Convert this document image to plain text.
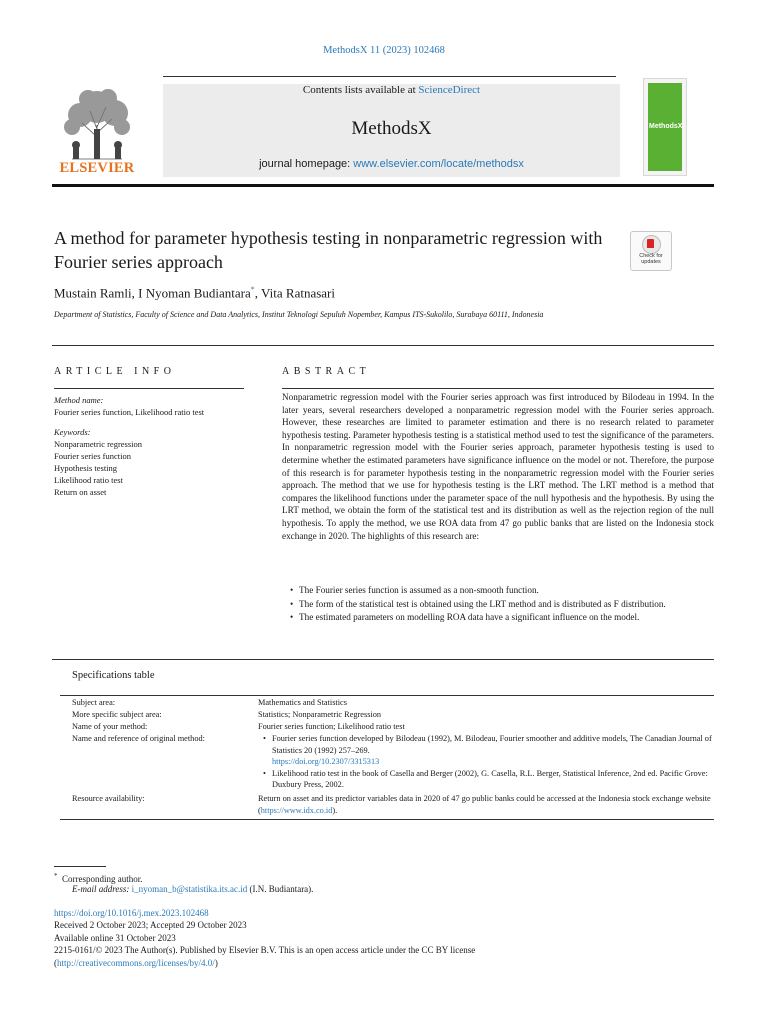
MethodsX 11 (2023) 102468
ELSEVIER
Contents lists available at ScienceDirect
MethodsX
journal homepage: www.elsevier.com/locate/methodsx
MethodsX
A method for parameter hypothesis testing in nonparametric regression with Fourier series approach	Check for
updates
Mustain Ramli, I Nyoman Budiantara*, Vita Ratnasari
Department of Statistics, Faculty of Science and Data Analytics, Institut Teknologi Sepuluh Nopember, Kampus ITS-Sukolilo, Surabaya 60111, Indonesia
ARTICLE INFO
Method name:
Fourier series function, Likelihood ratio test
Keywords:
Nonparametric regression
Fourier series function
Hypothesis testing
Likelihood ratio test
Return on asset
ABSTRACT
Nonparametric regression model with the Fourier series approach was first introduced by Bilodeau in 1994. In the later years, several researchers developed a nonparametric regression model with the Fourier series approach. However, these researches are limited to parameter estimation and there is no research related to parameter hypothesis testing. Parameter hypothesis testing is a statistical method used to test the significance of the parameters. In nonparametric regression model with the Fourier series approach, parameter hypothesis testing is used to determine whether the estimated parameters have significance influence on the model or not. Therefore, the purpose of this research is for parameter hypothesis testing in the nonparametric regression model with the Fourier series approach. The method that we use for hypothesis testing is the LRT method. The LRT method is a method that compares the likelihood functions under the parameter space of the null hypothesis and the hypothesis. By using the LRT method, we obtain the form of the statistical test and its distribution as well as the rejection region of the null hypothesis. To apply the method, we use ROA data from 47 go public banks that are listed on the Indonesia stock exchange in 2020. The highlights of this research are:
• The Fourier series function is assumed as a non-smooth function.
• The form of the statistical test is obtained using the LRT method and is distributed as F distribution.
• The estimated parameters on modelling ROA data have a significant influence on the model.
Specifications table
Subject area:	Mathematics and Statistics
More specific subject area:	Statistics; Nonparametric Regression
Name of your method:	Fourier series function; Likelihood ratio test
Name and reference of original method:
•	Fourier series function developed by Bilodeau (1992), M. Bilodeau, Fourier smoother and additive models, The Canadian Journal of Statistics 20 (1992) 257–269.
https://doi.org/10.2307/3315313
• Likelihood ratio test in the book of Casella and Berger (2002), G. Casella, R.L. Berger, Statistical Inference, 2nd ed. Pacific Grove: Duxbury Press, 2002.
Resource availability:	Return on asset and its predictor variables data in 2020 of 47 go public banks could be accessed at the Indonesia stock exchange website (https://www.idx.co.id).
* Corresponding author.
E-mail address: i_nyoman_b@statistika.its.ac.id (I.N. Budiantara).
https://doi.org/10.1016/j.mex.2023.102468
Received 2 October 2023; Accepted 29 October 2023
Available online 31 October 2023
2215-0161/© 2023 The Author(s). Published by Elsevier B.V. This is an open access article under the CC BY license
(http://creativecommons.org/licenses/by/4.0/)
